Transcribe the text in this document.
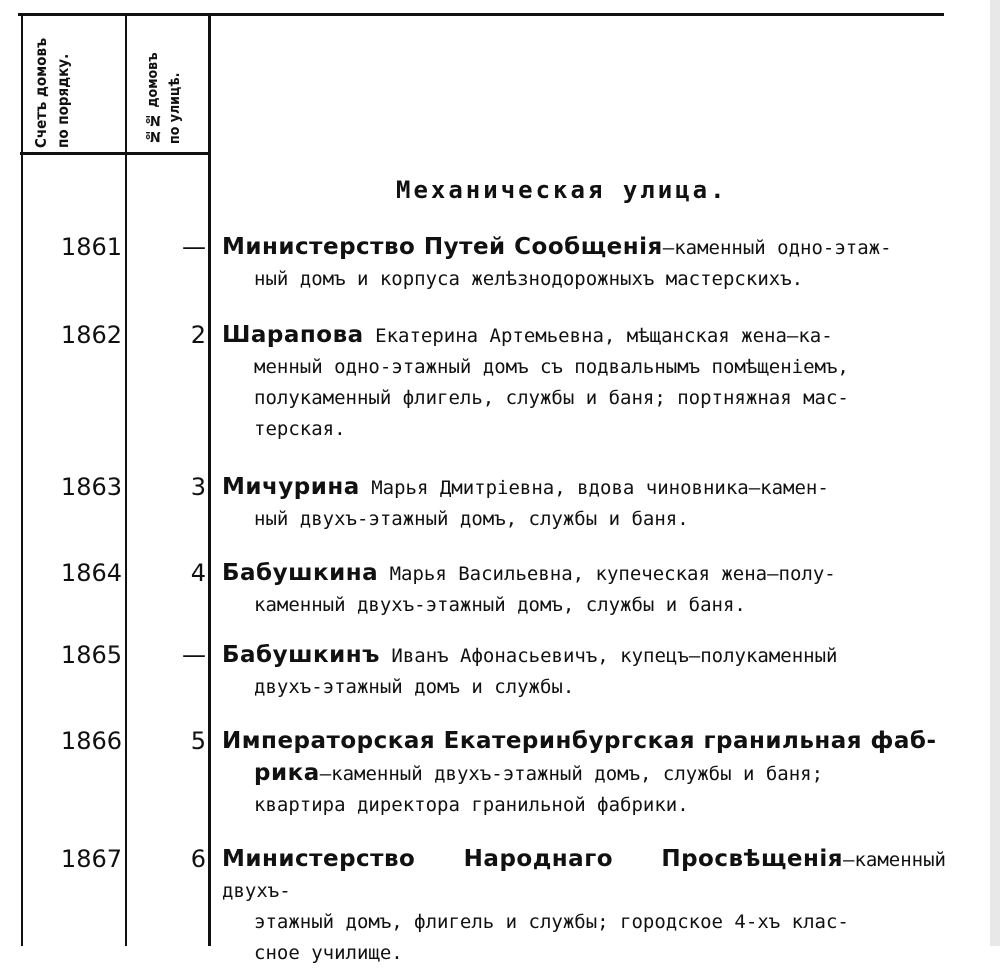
Счетъ домовъ по порядку.	№№ домовъ по улицѣ.
Механическая улица.
1861	— Министерство Путей Сообщенія—каменный одно-этаж-
ный домъ и корпуса желѣзнодорожныхъ мастерскихъ.
1862	2 Шарапова Екатерина Артемьевна, мѣщанская жена—ка-
менный одно-этажный домъ съ подвальнымъ помѣщеніемъ,
полукаменный флигель, службы и баня; портняжная мас-
терская.
1863	3 Мичурина Марья Дмитріевна, вдова чиновника—камен-
ный двухъ-этажный домъ, службы и баня.
1864	4 Бабушкина Марья Васильевна, купеческая жена—полу-
каменный двухъ-этажный домъ, службы и баня.
1865	— Бабушкинъ Иванъ Афонасьевичъ, купецъ—полукаменный
двухъ-этажный домъ и службы.
1866	5 Императорская Екатеринбургская гранильная фаб-
рика—каменный двухъ-этажный домъ, службы и баня;
квартира директора гранильной фабрики.
1867	6 Министерство Народнаго Просвѣщенія—каменный двухъ-
этажный домъ, флигель и службы; городское 4-хъ клас-
сное училище.
